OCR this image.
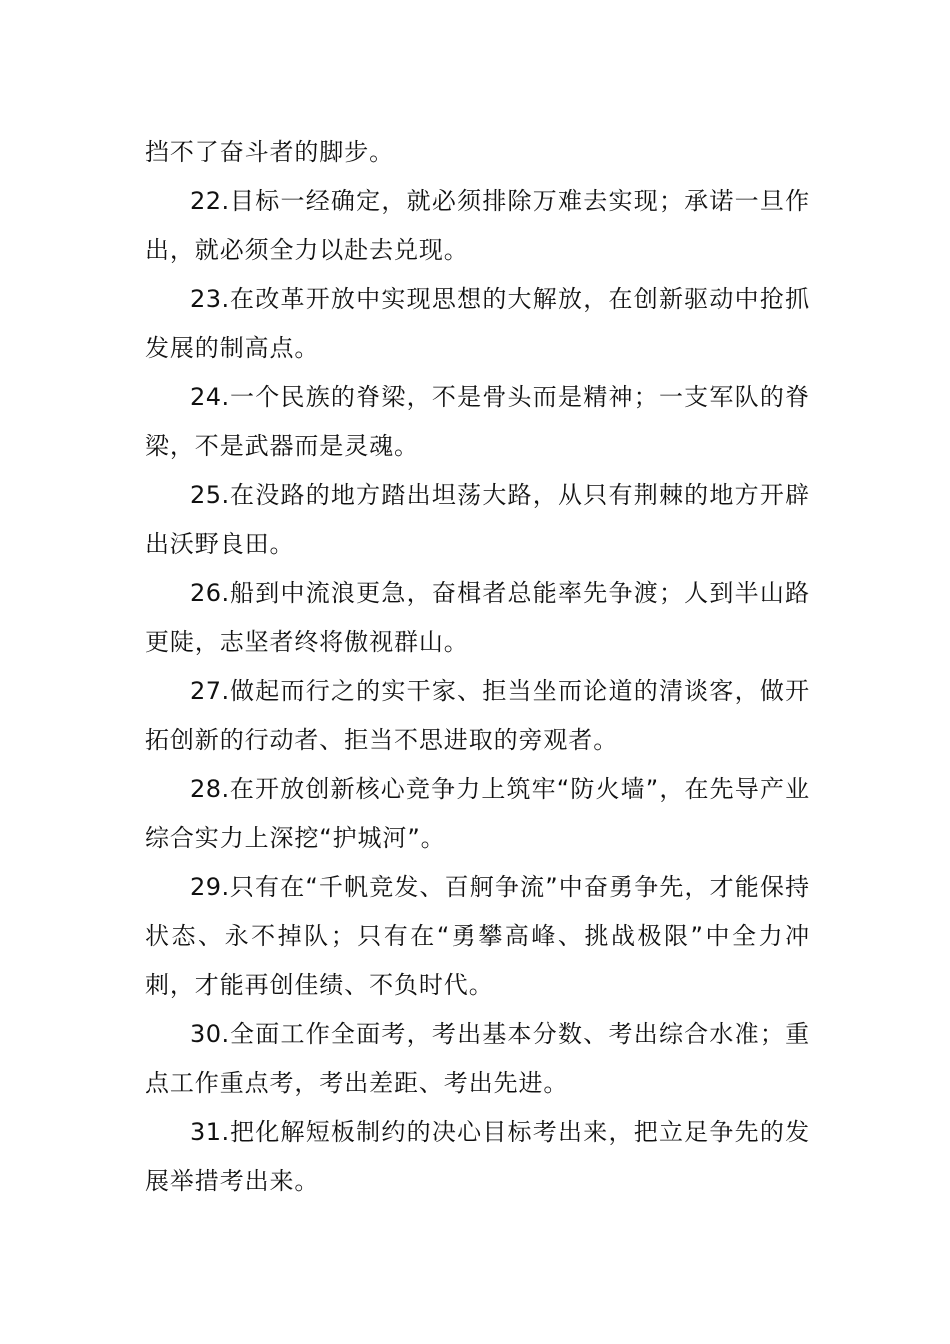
挡不了奋斗者的脚步。

22.目标一经确定，就必须排除万难去实现；承诺一旦作出，就必须全力以赴去兑现。

23.在改革开放中实现思想的大解放，在创新驱动中抢抓发展的制高点。

24.一个民族的脊梁，不是骨头而是精神；一支军队的脊梁，不是武器而是灵魂。

25.在没路的地方踏出坦荡大路，从只有荆棘的地方开辟出沃野良田。

26.船到中流浪更急，奋楫者总能率先争渡；人到半山路更陡，志坚者终将傲视群山。

27.做起而行之的实干家、拒当坐而论道的清谈客，做开拓创新的行动者、拒当不思进取的旁观者。

28.在开放创新核心竞争力上筑牢“防火墙”，在先导产业综合实力上深挖“护城河”。

29.只有在“千帆竞发、百舸争流”中奋勇争先，才能保持状态、永不掉队；只有在“勇攀高峰、挑战极限”中全力冲刺，才能再创佳绩、不负时代。

30.全面工作全面考，考出基本分数、考出综合水准；重点工作重点考，考出差距、考出先进。

31.把化解短板制约的决心目标考出来，把立足争先的发展举措考出来。
